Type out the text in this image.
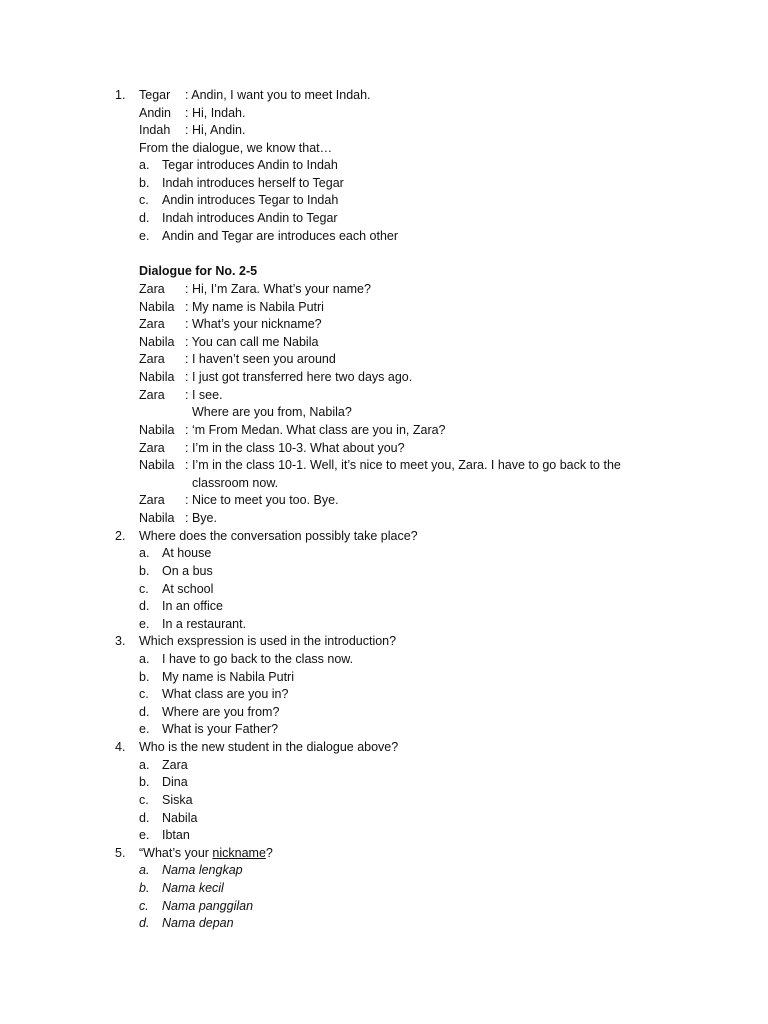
1. Tegar : Andin, I want you to meet Indah.
Andin : Hi, Indah.
Indah : Hi, Andin.
From the dialogue, we know that…
a. Tegar introduces Andin to Indah
b. Indah introduces herself to Tegar
c. Andin introduces Tegar to Indah
d. Indah introduces Andin to Tegar
e. Andin and Tegar are introduces each other
Dialogue for No. 2-5
Zara : Hi, I’m Zara. What’s your name?
Nabila : My name is Nabila Putri
Zara : What’s your nickname?
Nabila : You can call me Nabila
Zara : I haven’t seen you around
Nabila : I just got transferred here two days ago.
Zara : I see.
Where are you from, Nabila?
Nabila : ‘m From Medan. What class are you in, Zara?
Zara : I’m in the class 10-3. What about you?
Nabila : I’m in the class 10-1. Well, it’s nice to meet you, Zara. I have to go back to the
classroom now.
Zara : Nice to meet you too. Bye.
Nabila : Bye.
2. Where does the conversation possibly take place?
a. At house
b. On a bus
c. At school
d. In an office
e. In a restaurant.
3. Which exspression is used in the introduction?
a. I have to go back to the class now.
b. My name is Nabila Putri
c. What class are you in?
d. Where are you from?
e. What is your Father?
4. Who is the new student in the dialogue above?
a. Zara
b. Dina
c. Siska
d. Nabila
e. Ibtan
5. “What’s your nickname?
a. Nama lengkap
b. Nama kecil
c. Nama panggilan
d. Nama depan
